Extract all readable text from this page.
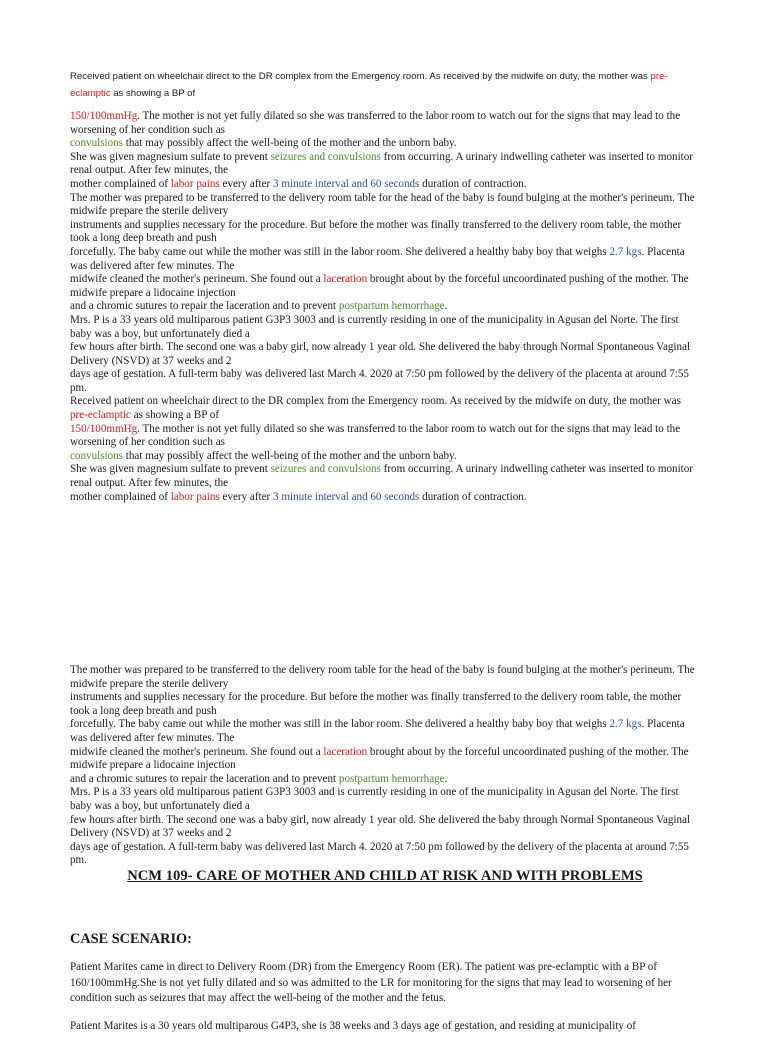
Received patient on wheelchair direct to the DR complex from the Emergency room. As received by the midwife on duty, the mother was pre-eclamptic as showing a BP of

150/100mmHg. The mother is not yet fully dilated so she was transferred to the labor room to watch out for the signs that may lead to the worsening of her condition such as

convulsions that may possibly affect the well-being of the mother and the unborn baby.

She was given magnesium sulfate to prevent seizures and convulsions from occurring. A urinary indwelling catheter was inserted to monitor renal output. After few minutes, the

mother complained of labor pains every after 3 minute interval and 60 seconds duration of contraction.

The mother was prepared to be transferred to the delivery room table for the head of the baby is found bulging at the mother's perineum. The midwife prepare the sterile delivery

instruments and supplies necessary for the procedure. But before the mother was finally transferred to the delivery room table, the mother took a long deep breath and push

forcefully. The baby came out while the mother was still in the labor room. She delivered a healthy baby boy that weighs 2.7 kgs. Placenta was delivered after few minutes. The

midwife cleaned the mother's perineum. She found out a laceration brought about by the forceful uncoordinated pushing of the mother. The midwife prepare a lidocaine injection

and a chromic sutures to repair the laceration and to prevent postpartum hemorrhage.

Mrs. P is a 33 years old multiparous patient G3P3 3003 and is currently residing in one of the municipality in Agusan del Norte. The first baby was a boy, but unfortunately died a

few hours after birth. The second one was a baby girl, now already 1 year old. She delivered the baby through Normal Spontaneous Vaginal Delivery (NSVD) at 37 weeks and 2

days age of gestation. A full-term baby was delivered last March 4. 2020 at 7:50 pm followed by the delivery of the placenta at around 7:55 pm.

Received patient on wheelchair direct to the DR complex from the Emergency room. As received by the midwife on duty, the mother was pre-eclamptic as showing a BP of

150/100mmHg. The mother is not yet fully dilated so she was transferred to the labor room to watch out for the signs that may lead to the worsening of her condition such as

convulsions that may possibly affect the well-being of the mother and the unborn baby.

She was given magnesium sulfate to prevent seizures and convulsions from occurring. A urinary indwelling catheter was inserted to monitor renal output. After few minutes, the

mother complained of labor pains every after 3 minute interval and 60 seconds duration of contraction.

The mother was prepared to be transferred to the delivery room table for the head of the baby is found bulging at the mother's perineum. The midwife prepare the sterile delivery

instruments and supplies necessary for the procedure. But before the mother was finally transferred to the delivery room table, the mother took a long deep breath and push

forcefully. The baby came out while the mother was still in the labor room. She delivered a healthy baby boy that weighs 2.7 kgs. Placenta was delivered after few minutes. The

midwife cleaned the mother's perineum. She found out a laceration brought about by the forceful uncoordinated pushing of the mother. The midwife prepare a lidocaine injection

and a chromic sutures to repair the laceration and to prevent postpartum hemorrhage.

Mrs. P is a 33 years old multiparous patient G3P3 3003 and is currently residing in one of the municipality in Agusan del Norte. The first baby was a boy, but unfortunately died a

few hours after birth. The second one was a baby girl, now already 1 year old. She delivered the baby through Normal Spontaneous Vaginal Delivery (NSVD) at 37 weeks and 2

days age of gestation. A full-term baby was delivered last March 4. 2020 at 7:50 pm followed by the delivery of the placenta at around 7:55 pm.

NCM 109- CARE OF MOTHER AND CHILD AT RISK AND WITH PROBLEMS
CASE SCENARIO:

Patient Marites came in direct to Delivery Room (DR) from the Emergency Room (ER). The patient was pre-eclamptic with a BP of 160/100mmHg.She is not yet fully dilated and so was admitted to the LR for monitoring for the signs that may lead to worsening of her condition such as seizures that may affect the well-being of the mother and the fetus.

Patient Marites is a 30 years old multiparous G4P3, she is 38 weeks and 3 days age of gestation, and residing at municipality of
